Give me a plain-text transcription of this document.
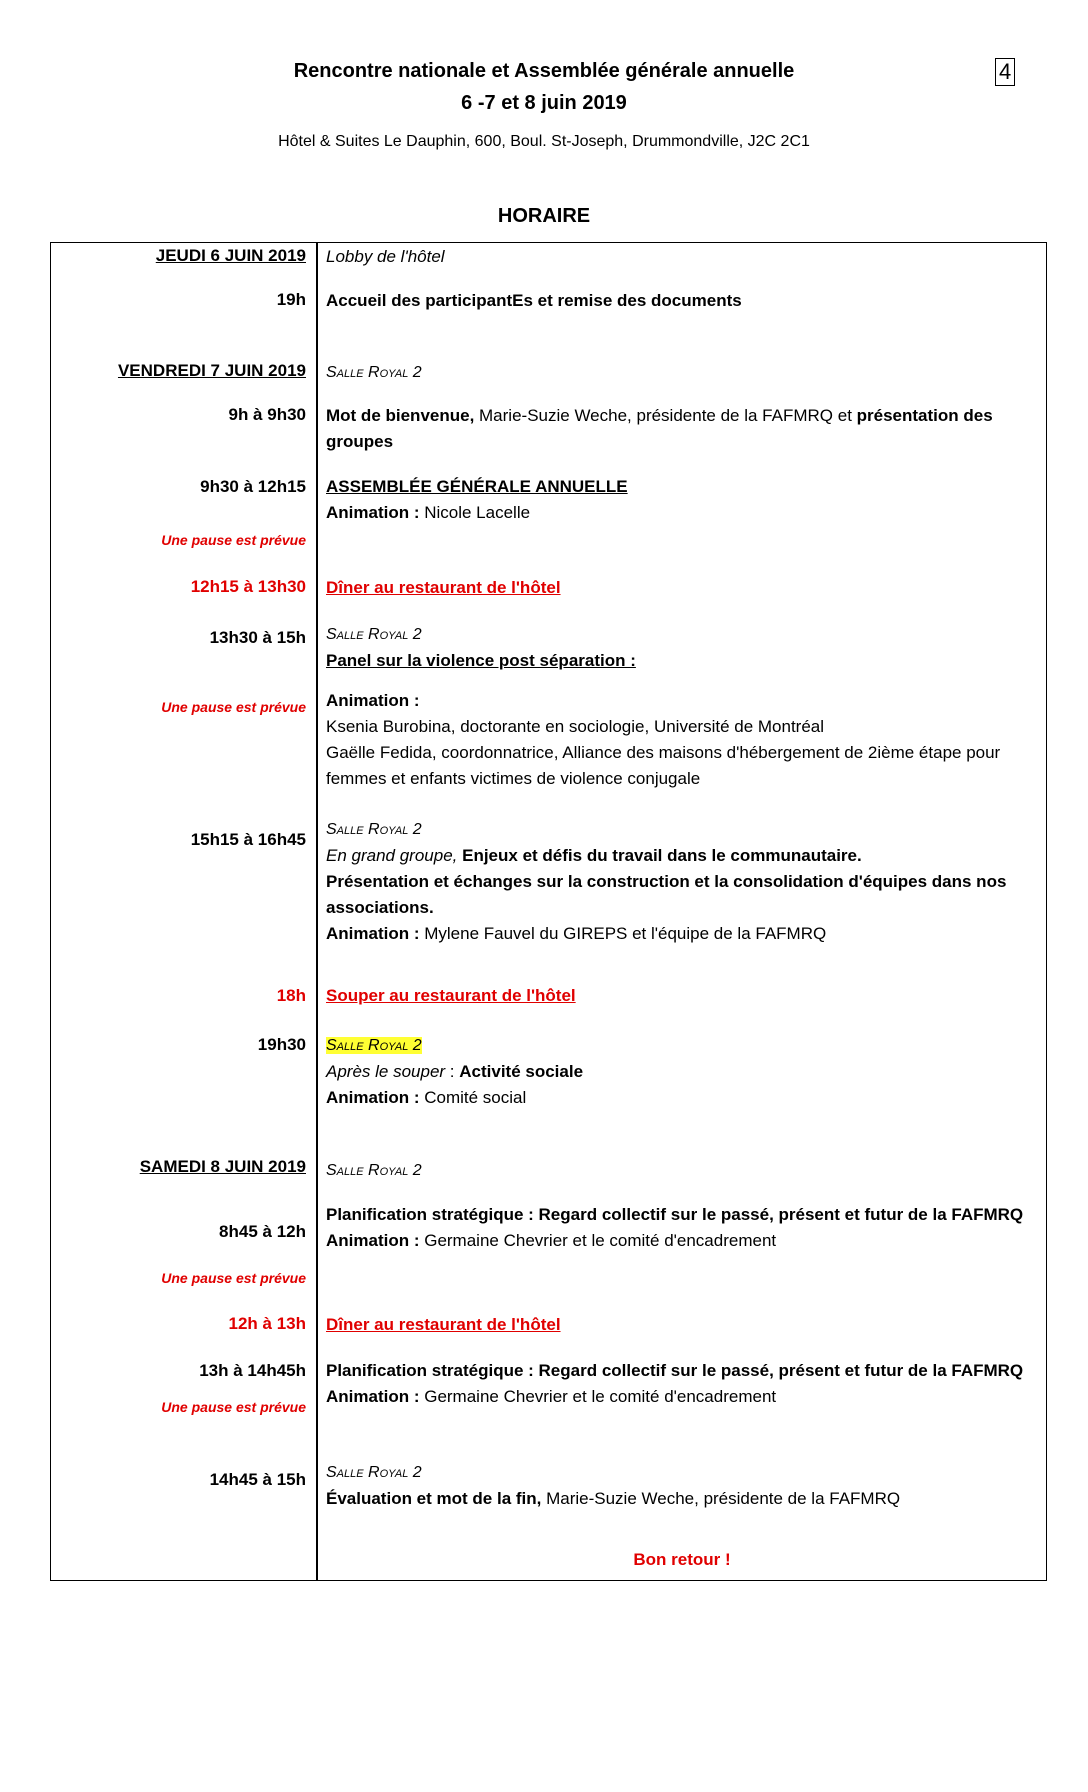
Rencontre nationale et Assemblée générale annuelle
6 -7 et 8 juin 2019
4
Hôtel & Suites Le Dauphin, 600, Boul. St-Joseph, Drummondville, J2C 2C1
HORAIRE
JEUDI 6 JUIN 2019 Lobby de l'hôtel
19h Accueil des participantEs et remise des documents
VENDREDI 7 JUIN 2019 Salle Royal 2
9h à 9h30 Mot de bienvenue, Marie-Suzie Weche, présidente de la FAFMRQ et présentation des groupes
9h30 à 12h15 ASSEMBLÉE GÉNÉRALE ANNUELLE
Animation : Nicole Lacelle
Une pause est prévue
12h15 à 13h30 Dîner au restaurant de l'hôtel
13h30 à 15h Salle Royal 2
Panel sur la violence post séparation :
Une pause est prévue Animation :
Ksenia Burobina, doctorante en sociologie, Université de Montréal
Gaëlle Fedida, coordonnatrice, Alliance des maisons d'hébergement de 2ième étape pour femmes et enfants victimes de violence conjugale
15h15 à 16h45
Salle Royal 2
En grand groupe, Enjeux et défis du travail dans le communautaire.
Présentation et échanges sur la construction et la consolidation d'équipes dans nos associations.
Animation : Mylene Fauvel du GIREPS et l'équipe de la FAFMRQ
18h Souper au restaurant de l'hôtel
19h30 Salle Royal 2
Après le souper : Activité sociale
Animation : Comité social
SAMEDI 8 JUIN 2019 Salle Royal 2
8h45 à 12h
Planification stratégique : Regard collectif sur le passé, présent et futur de la FAFMRQ
Animation : Germaine Chevrier et le comité d'encadrement
Une pause est prévue
12h à 13h Dîner au restaurant de l'hôtel
13h à 14h45h Planification stratégique : Regard collectif sur le passé, présent et futur de la FAFMRQ
Animation : Germaine Chevrier et le comité d'encadrement
Une pause est prévue
14h45 à 15h Salle Royal 2
Évaluation et mot de la fin, Marie-Suzie Weche, présidente de la FAFMRQ
Bon retour !
